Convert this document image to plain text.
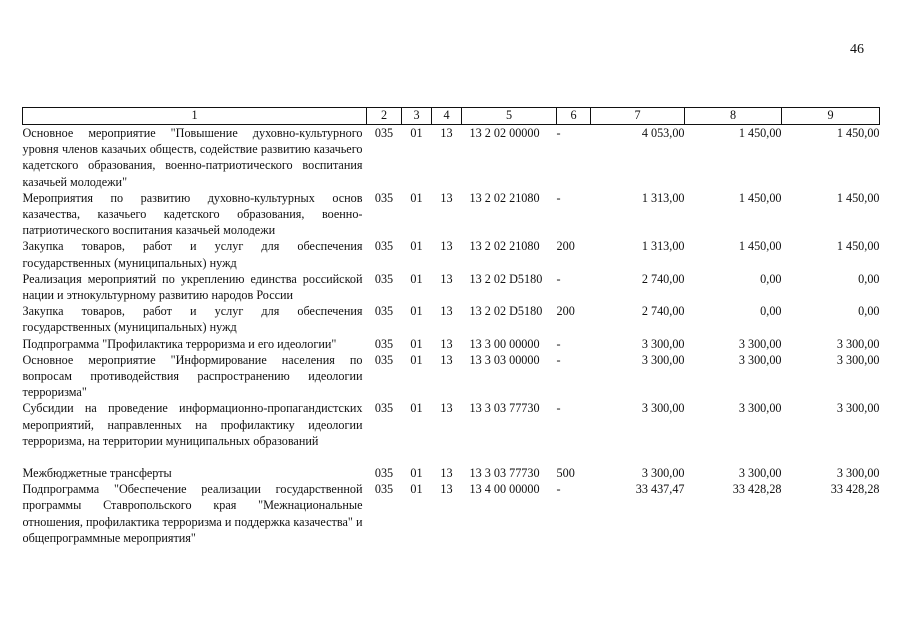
46
1	2	3	4	5	6	7	8	9
Основное мероприятие "Повышение духовно-культурного уровня членов казачьих обществ, содействие развитию казачьего кадетского образования, военно-патриотического воспитания казачьей молодежи"	035	01	13	13 2 02 00000	-	4 053,00	1 450,00	1 450,00
Мероприятия по развитию духовно-культурных основ казачества, казачьего кадетского образования, военно-патриотического воспитания казачьей молодежи	035	01	13	13 2 02 21080	-	1 313,00	1 450,00	1 450,00
Закупка товаров, работ и услуг для обеспечения государственных (муниципальных) нужд	035	01	13	13 2 02 21080	200	1 313,00	1 450,00	1 450,00
Реализация мероприятий по укреплению единства российской нации и этнокультурному развитию народов России	035	01	13	13 2 02 D5180	-	2 740,00	0,00	0,00
Закупка товаров, работ и услуг для обеспечения государственных (муниципальных) нужд	035	01	13	13 2 02 D5180	200	2 740,00	0,00	0,00
Подпрограмма "Профилактика терроризма и его идеологии"	035	01	13	13 3 00 00000	-	3 300,00	3 300,00	3 300,00
Основное мероприятие "Информирование населения по вопросам противодействия распространению идеологии терроризма"	035	01	13	13 3 03 00000	-	3 300,00	3 300,00	3 300,00
Субсидии на проведение информационно-пропагандистских мероприятий, направленных на профилактику идеологии терроризма, на территории муниципальных образований	035	01	13	13 3 03 77730	-	3 300,00	3 300,00	3 300,00

Межбюджетные трансферты	035	01	13	13 3 03 77730	500	3 300,00	3 300,00	3 300,00
Подпрограмма "Обеспечение реализации государственной программы Ставропольского края "Межнациональные отношения, профилактика терроризма и поддержка казачества" и общепрограммные мероприятия"	035	01	13	13 4 00 00000	-	33 437,47	33 428,28	33 428,28
